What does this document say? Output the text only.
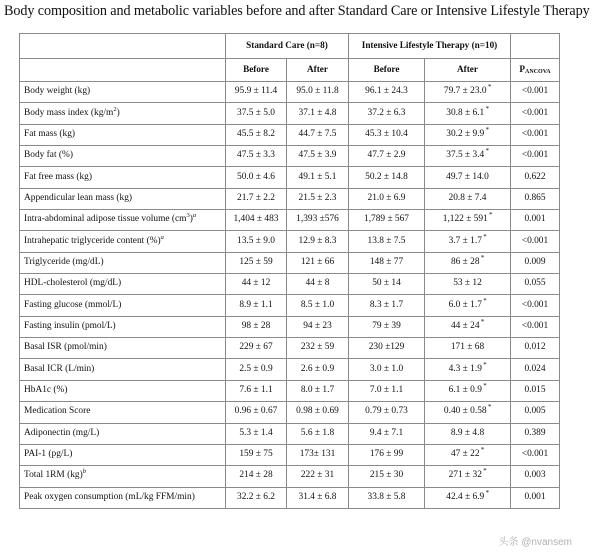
Body composition and metabolic variables before and after Standard Care or Intensive Lifestyle Therapy
	Standard Care (n=8)		Intensive Lifestyle Therapy (n=10)		
	Before	After	Before	After	$P_{ANCOVA}$
Body weight (kg)	95.9 ± 11.4	95.0 ± 11.8	96.1 ± 24.3	79.7 ± 23.0*	<0.001
Body mass index $(kg/m^2)$	37.5 ± 5.0	37.1 ± 4.8	37.2 ± 6.3	30.8 ± 6.1*	<0.001
Fat mass (kg)	45.5 ± 8.2	44.7 ± 7.5	45.3 ± 10.4	30.2 ± 9.9*	<0.001
Body fat (%)	47.5 ± 3.3	47.5 ± 3.9	47.7 ± 2.9	37.5 ± 3.4*	<0.001
Fat free mass (kg)	50.0 ± 4.6	49.1 ± 5.1	50.2 ± 14.8	49.7 ± 14.0	0.622
Appendicular lean mass (kg)	21.7 ± 2.2	21.5 ± 2.3	21.0 ± 6.9	20.8 ± 7.4	0.865
Intra-abdominal adipose tissue volume $(cm^3)^a$	1,404 ± 483	1,393 ±576	1,789 ± 567	1,122 ± 591*	0.001
Intrahepatic triglyceride content (%)$^a$	13.5 ± 9.0	12.9 ± 8.3	13.8 ± 7.5	3.7 ± 1.7*	<0.001
Triglyceride (mg/dL)	125 ± 59	121 ± 66	148 ± 77	86 ± 28*	0.009
HDL-cholesterol (mg/dL)	44 ± 12	44 ± 8	50 ± 14	53 ± 12	0.055
Fasting glucose (mmol/L)	8.9 ± 1.1	8.5 ± 1.0	8.3 ± 1.7	6.0 ± 1.7*	<0.001
Fasting insulin (pmol/L)	98 ± 28	94 ± 23	79 ± 39	44 ± 24*	<0.001
Basal ISR (pmol/min)	229 ± 67	232 ± 59	230 ±129	171 ± 68	0.012
Basal ICR (L/min)	2.5 ± 0.9	2.6 ± 0.9	3.0 ± 1.0	4.3 ± 1.9*	0.024
HbA1c (%)	7.6 ± 1.1	8.0 ± 1.7	7.0 ± 1.1	6.1 ± 0.9*	0.015
Medication Score	0.96 ± 0.67	0.98 ± 0.69	0.79 ± 0.73	0.40 ± 0.58*	0.005
Adiponectin (mg/L)	5.3 ± 1.4	5.6 ± 1.8	9.4 ± 7.1	8.9 ± 4.8	0.389
PAI-1 (pg/L)	159 ± 75	173± 131	176 ± 99	47 ± 22*	<0.001
Total 1RM (kg)$^b$	214 ± 28	222 ± 31	215 ± 30	271 ± 32*	0.003
Peak oxygen consumption (mL/kg FFM/min)	32.2 ± 6.2	31.4 ± 6.8	33.8 ± 5.8	42.4 ± 6.9*	0.001
头条 @nvansem
